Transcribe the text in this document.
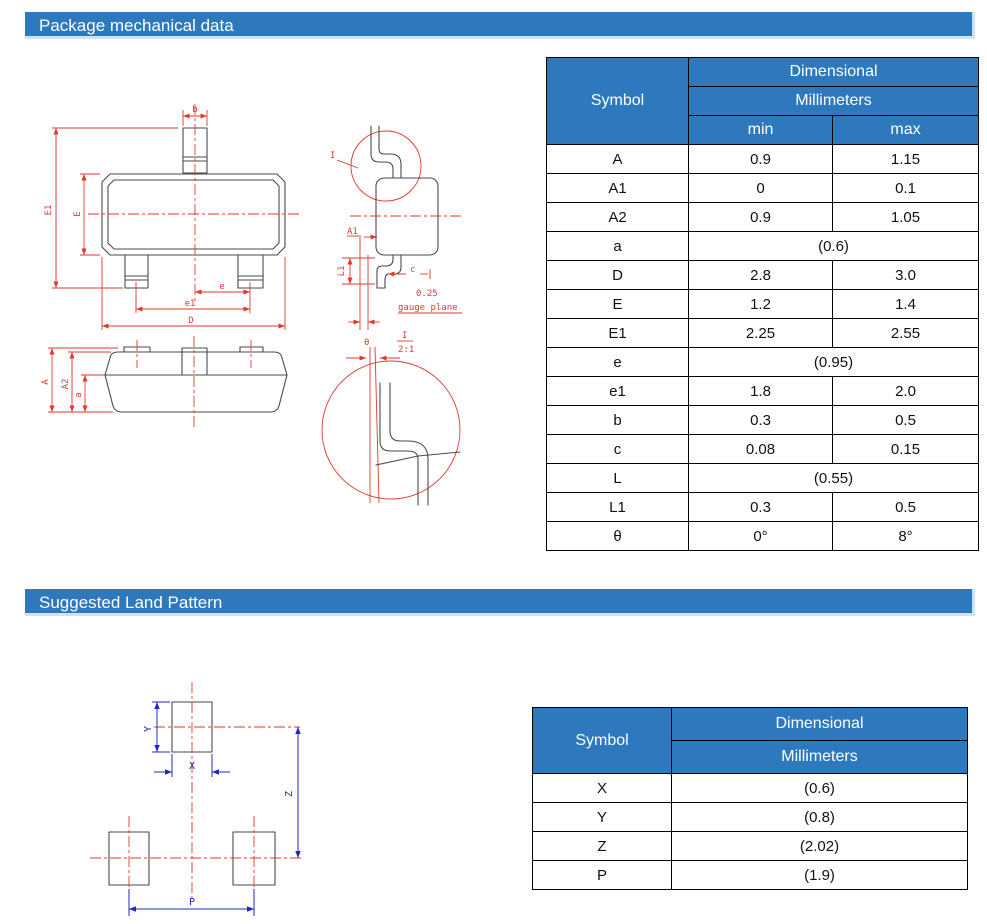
Package mechanical data
b
E1 E
e
e1
D
I
A1
L1	c
0.25
gauge plane
A A2
a
θ
I
2:1
Symbol	Dimensional	
	Millimeters	
	min	max
A	0.9	1.15
A1	0	0.1
A2	0.9	1.05
a	(0.6)	
D	2.8	3.0
E	1.2	1.4
E1	2.25	2.55
e	(0.95)	
e1	1.8	2.0
b	0.3	0.5
c	0.08	0.15
L	(0.55)	
L1	0.3	0.5
θ	0°	8°
Suggested Land Pattern
Y
X
Z
P
Symbol	Dimensional
	Millimeters
X	(0.6)
Y	(0.8)
Z	(2.02)
P	(1.9)
